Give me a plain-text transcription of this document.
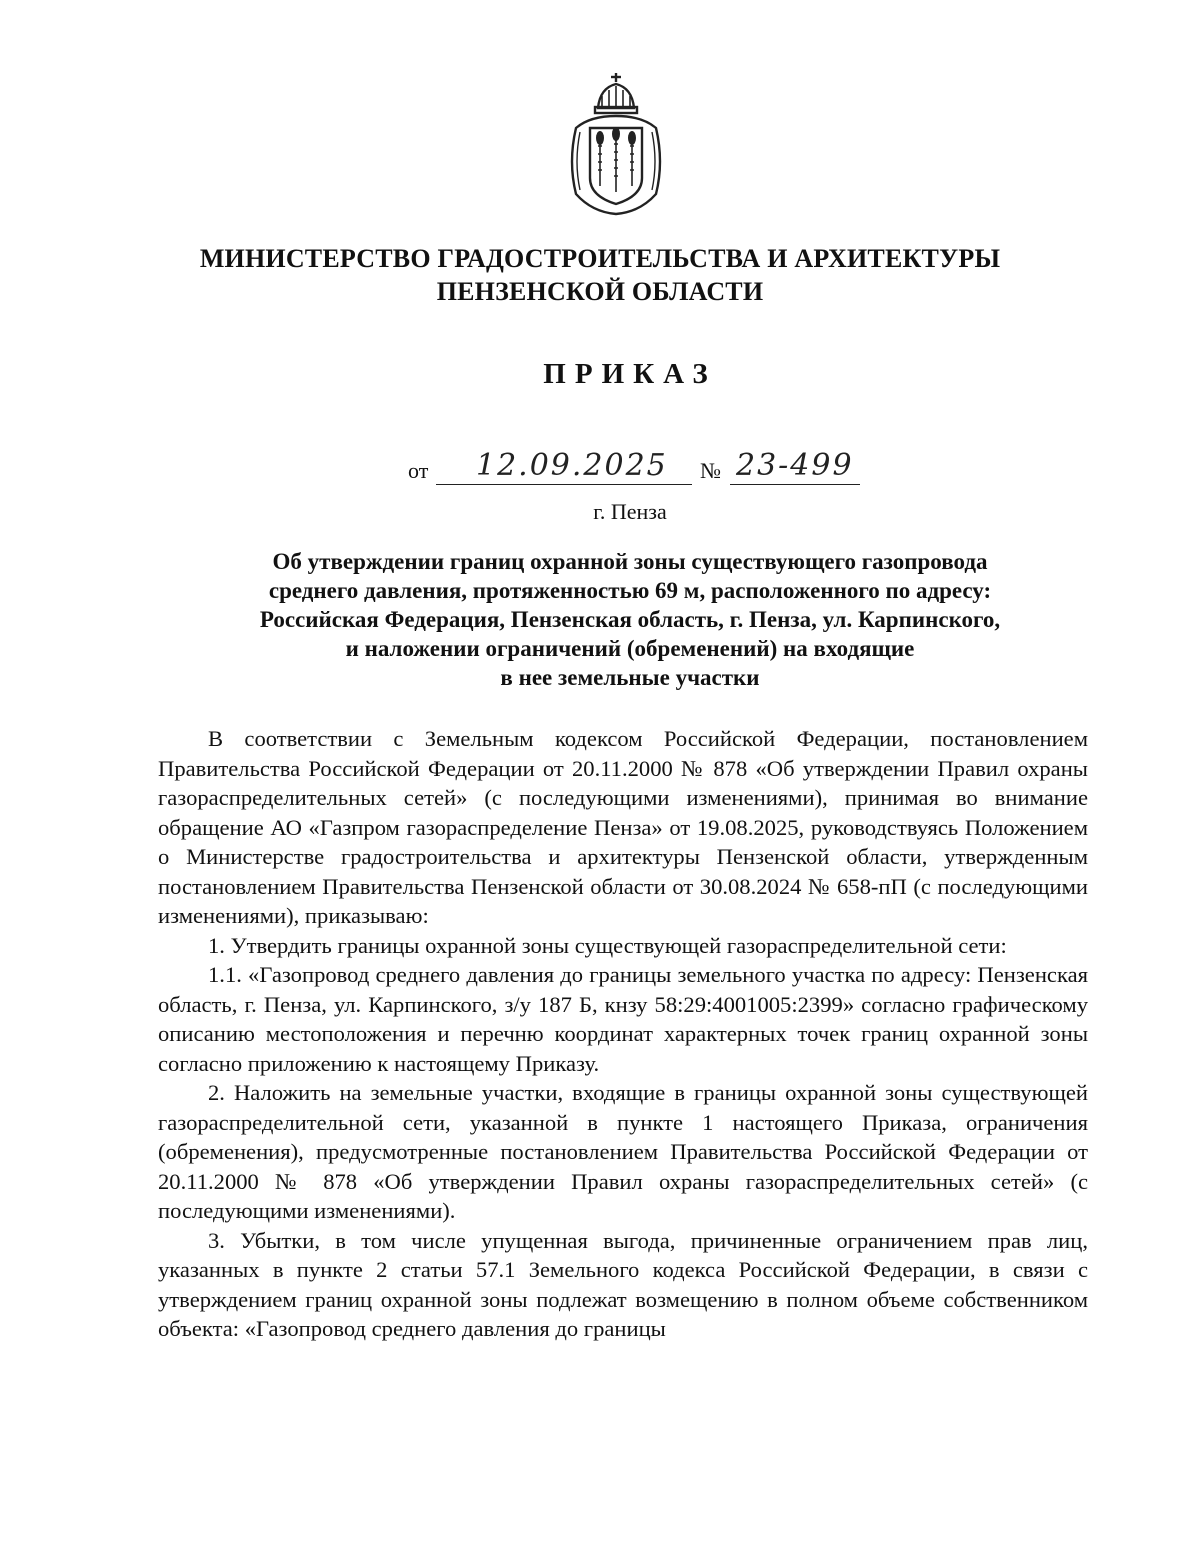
МИНИСТЕРСТВО ГРАДОСТРОИТЕЛЬСТВА И АРХИТЕКТУРЫ
ПЕНЗЕНСКОЙ ОБЛАСТИ
ПРИКАЗ
от 12.09.2025 № 23-499
г. Пенза
Об утверждении границ охранной зоны существующего газопровода
среднего давления, протяженностью 69 м, расположенного по адресу:
Российская Федерация, Пензенская область, г. Пенза, ул. Карпинского,
и наложении ограничений (обременений) на входящие
в нее земельные участки

В соответствии с Земельным кодексом Российской Федерации, постановлением Правительства Российской Федерации от 20.11.2000 № 878 «Об утверждении Правил охраны газораспределительных сетей» (с последующими изменениями), принимая во внимание обращение АО «Газпром газораспределение Пенза» от 19.08.2025, руководствуясь Положением о Министерстве градостроительства и архитектуры Пензенской области, утвержденным постановлением Правительства Пензенской области от 30.08.2024 № 658-пП (с последующими изменениями), приказываю:

1. Утвердить границы охранной зоны существующей газораспределительной сети:

1.1. «Газопровод среднего давления до границы земельного участка по адресу: Пензенская область, г. Пенза, ул. Карпинского, з/у 187 Б, кнзу 58:29:4001005:2399» согласно графическому описанию местоположения и перечню координат характерных точек границ охранной зоны согласно приложению к настоящему Приказу.

2. Наложить на земельные участки, входящие в границы охранной зоны существующей газораспределительной сети, указанной в пункте 1 настоящего Приказа, ограничения (обременения), предусмотренные постановлением Правительства Российской Федерации от 20.11.2000 № 878 «Об утверждении Правил охраны газораспределительных сетей» (с последующими изменениями).

3. Убытки, в том числе упущенная выгода, причиненные ограничением прав лиц, указанных в пункте 2 статьи 57.1 Земельного кодекса Российской Федерации, в связи с утверждением границ охранной зоны подлежат возмещению в полном объеме собственником объекта: «Газопровод среднего давления до границы
